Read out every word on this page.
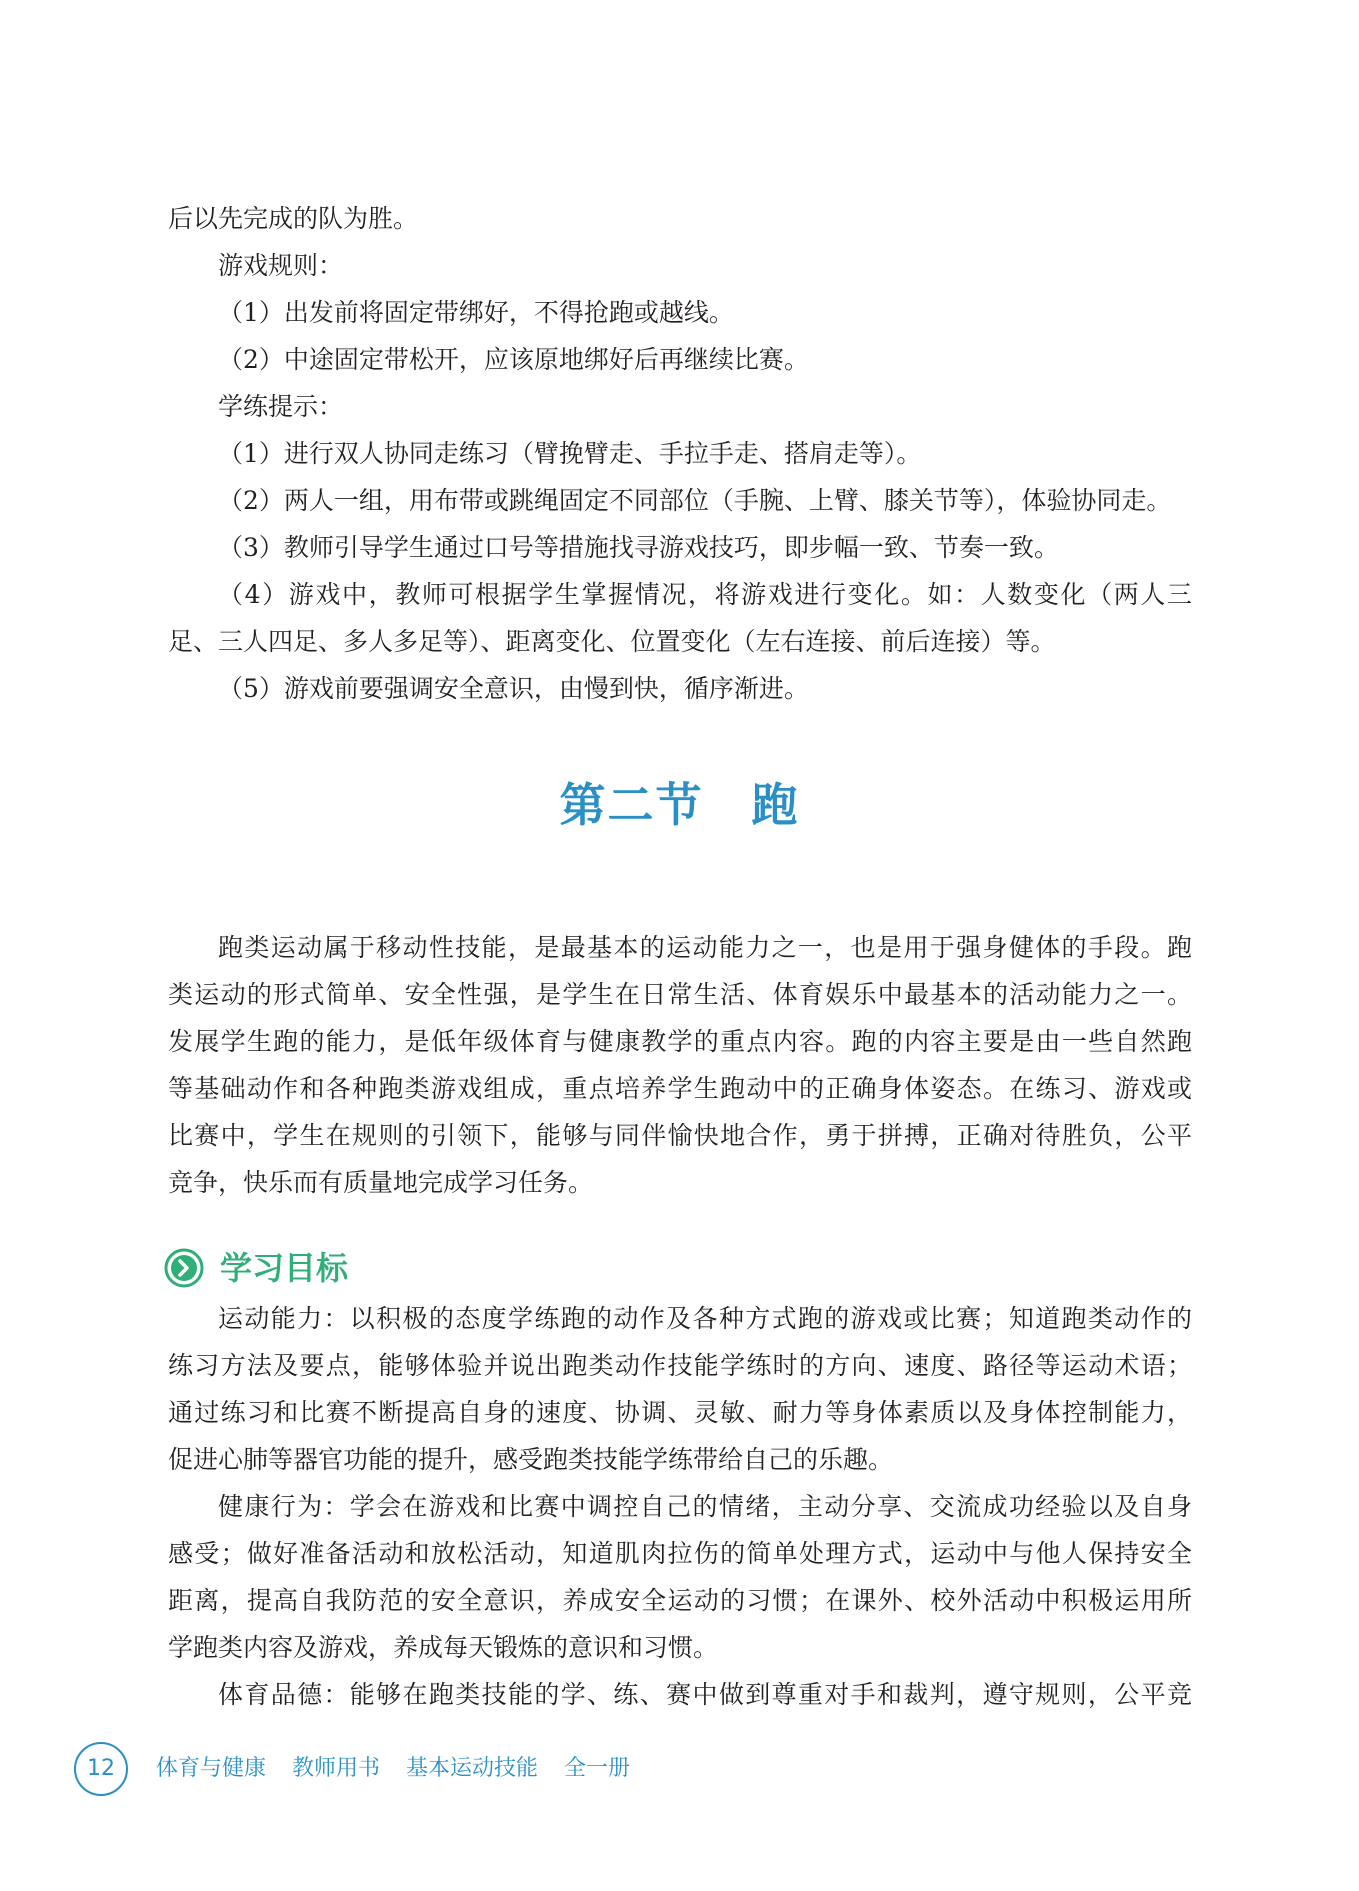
后以先完成的队为胜。
游戏规则：
（1）出发前将固定带绑好，不得抢跑或越线。
（2）中途固定带松开，应该原地绑好后再继续比赛。
学练提示：
（1）进行双人协同走练习（臂挽臂走、手拉手走、搭肩走等）。
（2）两人一组，用布带或跳绳固定不同部位（手腕、上臂、膝关节等），体验协同走。
（3）教师引导学生通过口号等措施找寻游戏技巧，即步幅一致、节奏一致。
（4）游戏中，教师可根据学生掌握情况，将游戏进行变化。如：人数变化（两人三
足、三人四足、多人多足等）、距离变化、位置变化（左右连接、前后连接）等。
（5）游戏前要强调安全意识，由慢到快，循序渐进。
第二节　跑
跑类运动属于移动性技能，是最基本的运动能力之一，也是用于强身健体的手段。跑
类运动的形式简单、安全性强，是学生在日常生活、体育娱乐中最基本的活动能力之一。
发展学生跑的能力，是低年级体育与健康教学的重点内容。跑的内容主要是由一些自然跑
等基础动作和各种跑类游戏组成，重点培养学生跑动中的正确身体姿态。在练习、游戏或
比赛中，学生在规则的引领下，能够与同伴愉快地合作，勇于拼搏，正确对待胜负，公平
竞争，快乐而有质量地完成学习任务。
学习目标
运动能力：以积极的态度学练跑的动作及各种方式跑的游戏或比赛；知道跑类动作的
练习方法及要点，能够体验并说出跑类动作技能学练时的方向、速度、路径等运动术语；
通过练习和比赛不断提高自身的速度、协调、灵敏、耐力等身体素质以及身体控制能力，
促进心肺等器官功能的提升，感受跑类技能学练带给自己的乐趣。
健康行为：学会在游戏和比赛中调控自己的情绪，主动分享、交流成功经验以及自身
感受；做好准备活动和放松活动，知道肌肉拉伤的简单处理方式，运动中与他人保持安全
距离，提高自我防范的安全意识，养成安全运动的习惯；在课外、校外活动中积极运用所
学跑类内容及游戏，养成每天锻炼的意识和习惯。
体育品德：能够在跑类技能的学、练、赛中做到尊重对手和裁判，遵守规则，公平竞
12	体育与健康 教师用书 基本运动技能 全一册
